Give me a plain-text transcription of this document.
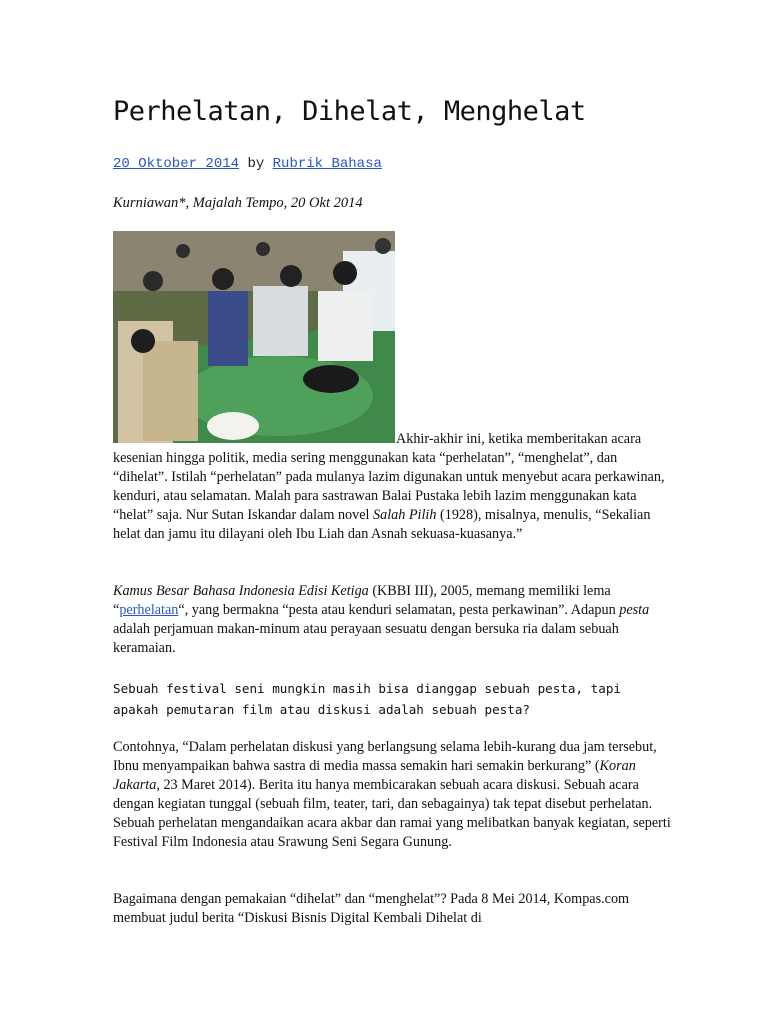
Perhelatan, Dihelat, Menghelat
20 Oktober 2014 by Rubrik Bahasa
Kurniawan*, Majalah Tempo, 20 Okt 2014

Akhir-akhir ini, ketika memberitakan acara kesenian hingga politik, media sering menggunakan kata “perhelatan”, “menghelat”, dan “dihelat”. Istilah “perhelatan” pada mulanya lazim digunakan untuk menyebut acara perkawinan, kenduri, atau selamatan. Malah para sastrawan Balai Pustaka lebih lazim menggunakan kata “helat” saja. Nur Sutan Iskandar dalam novel Salah Pilih (1928), misalnya, menulis, “Sekalian helat dan jamu itu dilayani oleh Ibu Liah dan Asnah sekuasa-kuasanya.”

Kamus Besar Bahasa Indonesia Edisi Ketiga (KBBI III), 2005, memang memiliki lema “perhelatan“, yang bermakna “pesta atau kenduri selamatan, pesta perkawinan”. Adapun pesta adalah perjamuan makan-minum atau perayaan sesuatu dengan bersuka ria dalam sebuah keramaian.

Sebuah festival seni mungkin masih bisa dianggap sebuah pesta, tapi apakah pemutaran film atau diskusi adalah sebuah pesta?

Contohnya, “Dalam perhelatan diskusi yang berlangsung selama lebih-kurang dua jam tersebut, Ibnu menyampaikan bahwa sastra di media massa semakin hari semakin berkurang” (Koran Jakarta, 23 Maret 2014). Berita itu hanya membicarakan sebuah acara diskusi. Sebuah acara dengan kegiatan tunggal (sebuah film, teater, tari, dan sebagainya) tak tepat disebut perhelatan. Sebuah perhelatan mengandaikan acara akbar dan ramai yang melibatkan banyak kegiatan, seperti Festival Film Indonesia atau Srawung Seni Segara Gunung.

Bagaimana dengan pemakaian “dihelat” dan “menghelat”? Pada 8 Mei 2014, Kompas.com membuat judul berita “Diskusi Bisnis Digital Kembali Dihelat di
